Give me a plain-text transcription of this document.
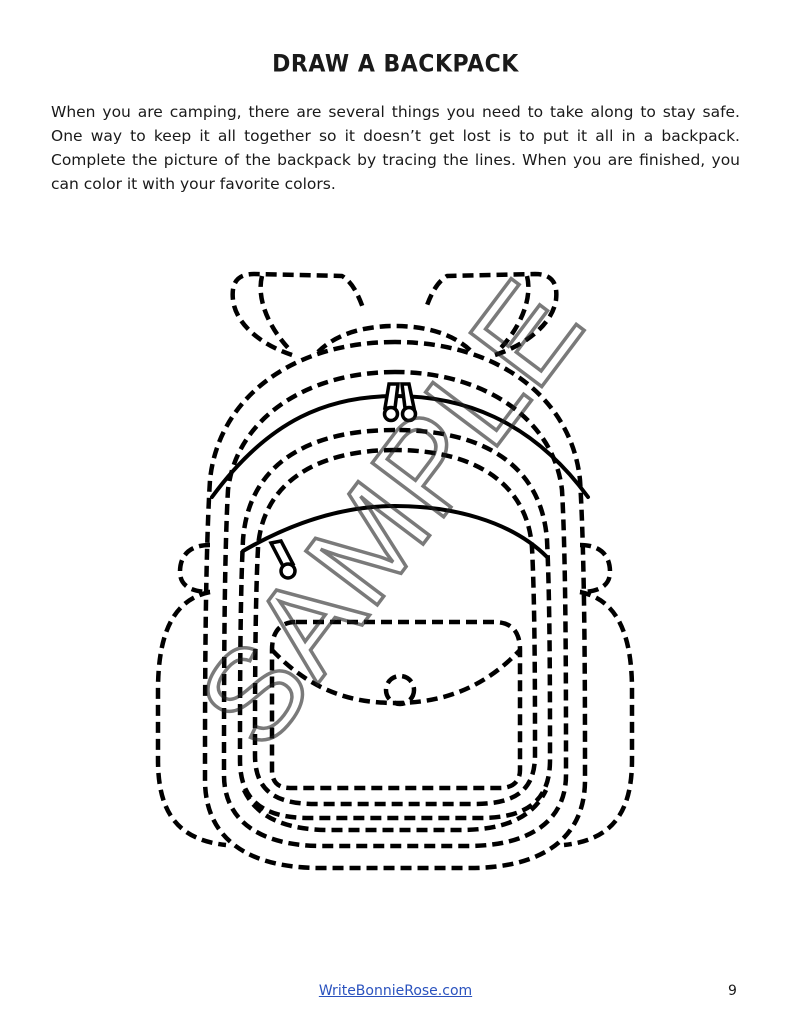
DRAW A BACKPACK

When you are camping, there are several things you need to take along to stay safe. One way to keep it all together so it doesn’t get lost is to put it all in a backpack. Complete the picture of the backpack by tracing the lines. When you are finished, you can color it with your favorite colors.

SAMPLE
WriteBonnieRose.com	9
